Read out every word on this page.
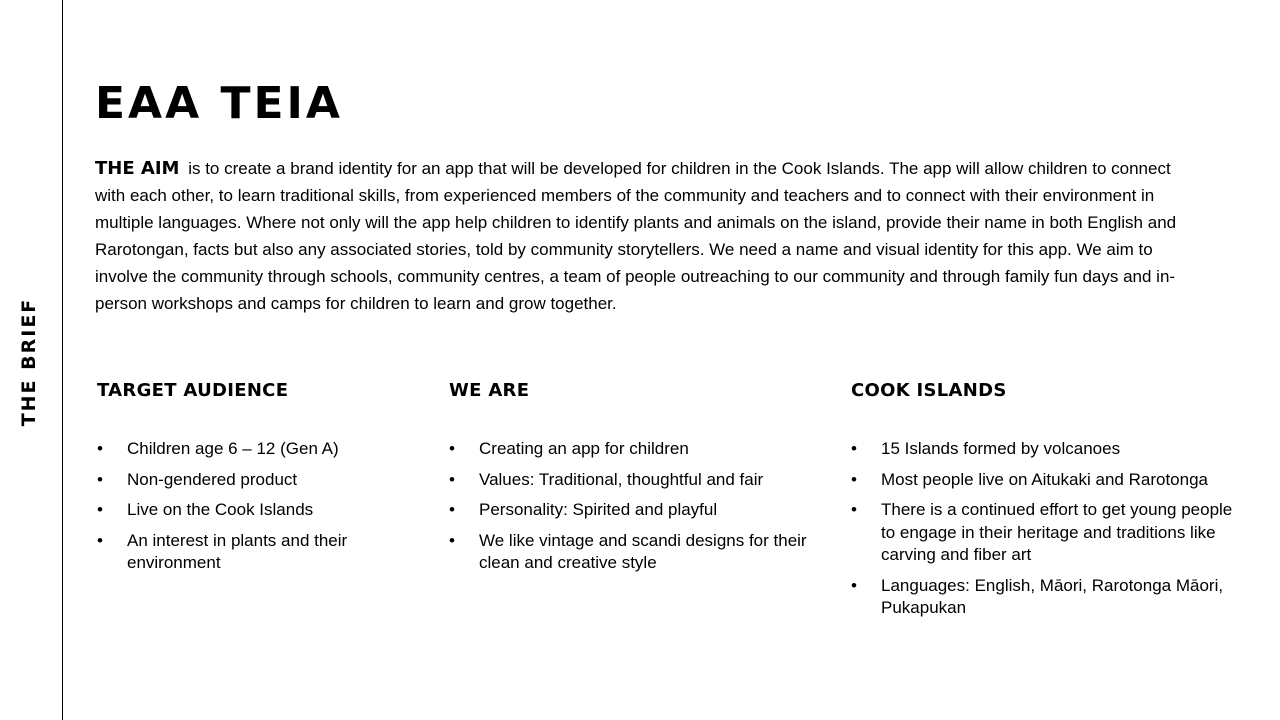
THE BRIEF
EAA TEIA

THE AIM is to create a brand identity for an app that will be developed for children in the Cook Islands. The app will allow children to connect with each other, to learn traditional skills, from experienced members of the community and teachers and to connect with their environment in multiple languages. Where not only will the app help children to identify plants and animals on the island, provide their name in both English and Rarotongan, facts but also any associated stories, told by community storytellers. We need a name and visual identity for this app. We aim to involve the community through schools, community centres, a team of people outreaching to our community and through family fun days and in-person workshops and camps for children to learn and grow together.

TARGET AUDIENCE
• Children age 6 – 12 (Gen A)
• Non-gendered product
• Live on the Cook Islands
• An interest in plants and their environment
WE ARE
• Creating an app for children
• Values: Traditional, thoughtful and fair
• Personality: Spirited and playful
• We like vintage and scandi designs for their clean and creative style
COOK ISLANDS
• 15 Islands formed by volcanoes
• Most people live on Aitukaki and Rarotonga
• There is a continued effort to get young people to engage in their heritage and traditions like carving and fiber art
• Languages: English, Māori, Rarotonga Māori, Pukapukan
